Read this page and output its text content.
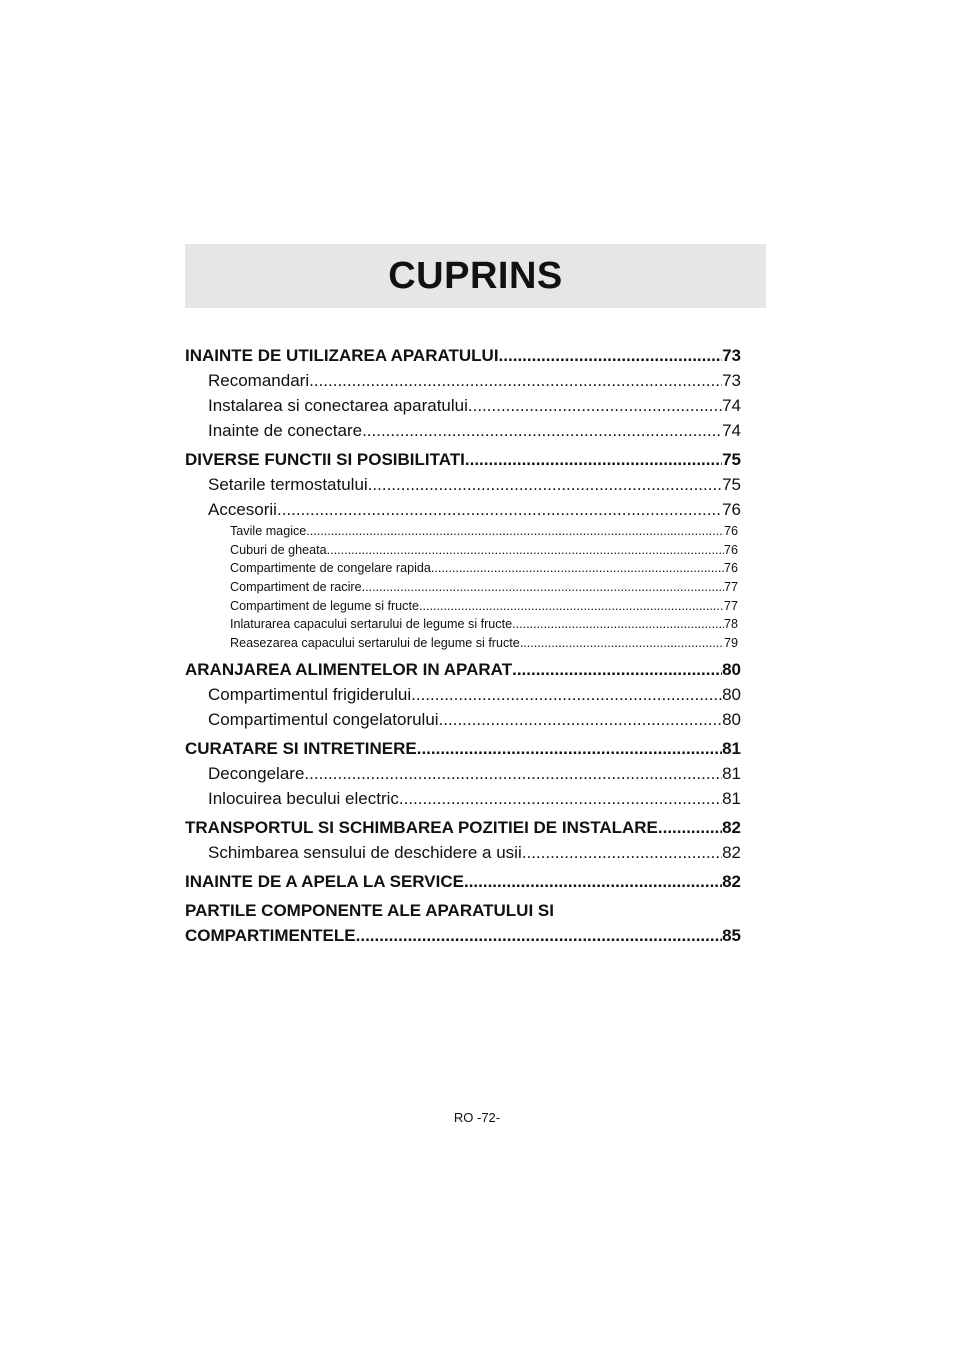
CUPRINS
INAINTE DE UTILIZAREA APARATULUI .....	73
Recomandari .....	73
Instalarea si conectarea aparatului .....	74
Inainte de conectare .....	74
DIVERSE FUNCTII SI POSIBILITATI .....	75
Setarile termostatului .....	75
Accesorii .....	76
Tavile magice .....	76
Cuburi de gheata .....	76
Compartimente de congelare rapida .....	76
Compartiment de racire .....	77
Compartiment de legume si fructe .....	77
Inlaturarea capacului sertarului de legume si fructe .....	78
Reasezarea capacului sertarului de legume si fructe .....	79
ARANJAREA ALIMENTELOR IN APARAT .....	80
Compartimentul frigiderului .....	80
Compartimentul congelatorului .....	80
CURATARE SI INTRETINERE .....	81
Decongelare .....	81
Inlocuirea becului electric .....	81
TRANSPORTUL SI SCHIMBAREA POZITIEI DE INSTALARE .....	82
Schimbarea sensului de deschidere a usii .....	82
INAINTE DE A APELA LA SERVICE .....	82
PARTILE COMPONENTE ALE APARATULUI SI
COMPARTIMENTELE .....	85
RO -72-
